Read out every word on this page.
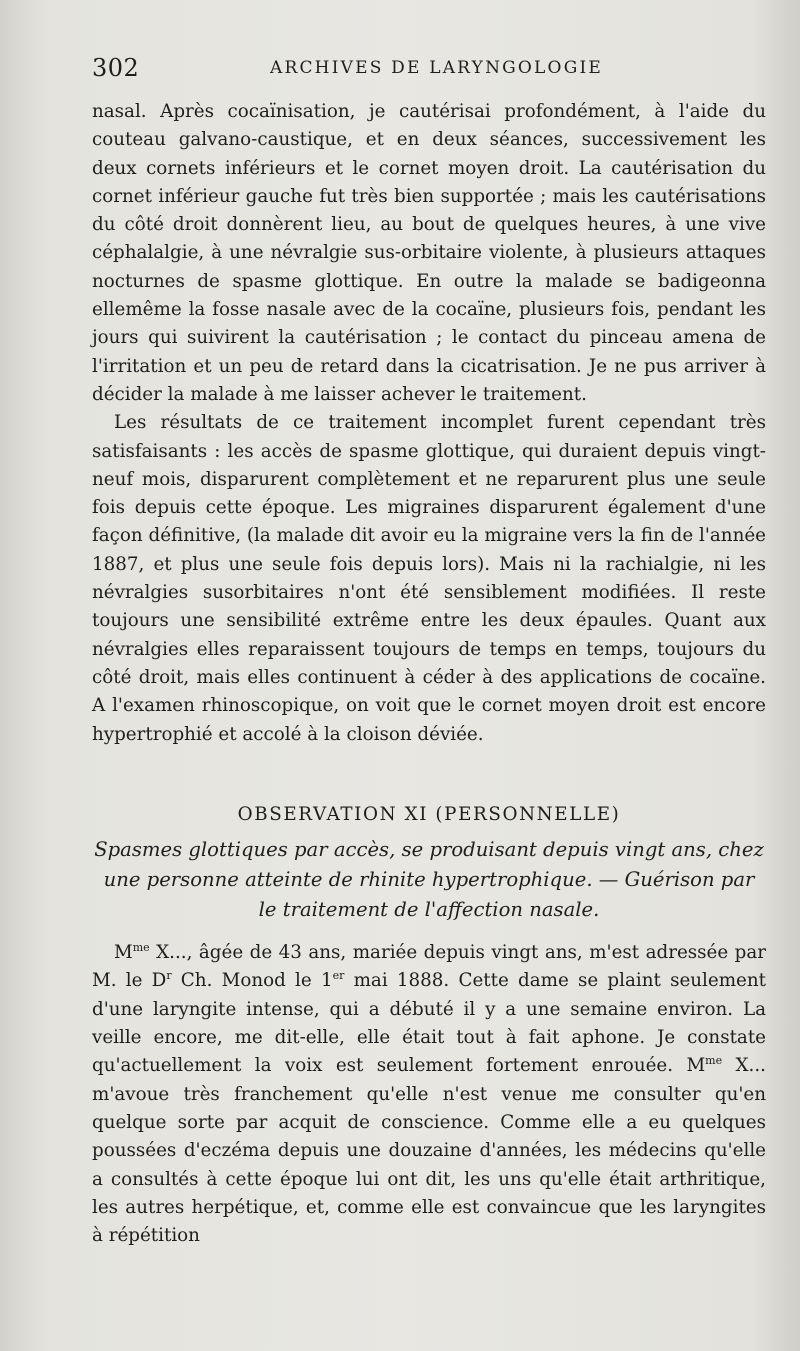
302	ARCHIVES DE LARYNGOLOGIE

nasal. Après cocaïnisation, je cautérisai profondément, à l'aide du couteau galvano-caustique, et en deux séances, successivement les deux cornets inférieurs et le cornet moyen droit. La cautérisation du cornet inférieur gauche fut très bien supportée ; mais les cautérisations du côté droit donnèrent lieu, au bout de quelques heures, à une vive céphalalgie, à une névralgie sus-orbitaire violente, à plusieurs attaques nocturnes de spasme glottique. En outre la malade se badigeonna ellemême la fosse nasale avec de la cocaïne, plusieurs fois, pendant les jours qui suivirent la cautérisation ; le contact du pinceau amena de l'irritation et un peu de retard dans la cicatrisation. Je ne pus arriver à décider la malade à me laisser achever le traitement.

Les résultats de ce traitement incomplet furent cependant très satisfaisants : les accès de spasme glottique, qui duraient depuis vingt-neuf mois, disparurent complètement et ne reparurent plus une seule fois depuis cette époque. Les migraines disparurent également d'une façon définitive, (la malade dit avoir eu la migraine vers la fin de l'année 1887, et plus une seule fois depuis lors). Mais ni la rachialgie, ni les névralgies susorbitaires n'ont été sensiblement modifiées. Il reste toujours une sensibilité extrême entre les deux épaules. Quant aux névralgies elles reparaissent toujours de temps en temps, toujours du côté droit, mais elles continuent à céder à des applications de cocaïne. A l'examen rhinoscopique, on voit que le cornet moyen droit est encore hypertrophié et accolé à la cloison déviée.

OBSERVATION XI (PERSONNELLE)

Spasmes glottiques par accès, se produisant depuis vingt ans, chez une personne atteinte de rhinite hypertrophique. — Guérison par le traitement de l'affection nasale.

$M^{me}$ X..., âgée de 43 ans, mariée depuis vingt ans, m'est adressée par M. le $D^r$ Ch. Monod le 1er mai 1888. Cette dame se plaint seulement d'une laryngite intense, qui a débuté il y a une semaine environ. La veille encore, me dit-elle, elle était tout à fait aphone. Je constate qu'actuellement la voix est seulement fortement enrouée. $M^{me}$ X... m'avoue très franchement qu'elle n'est venue me consulter qu'en quelque sorte par acquit de conscience. Comme elle a eu quelques poussées d'eczéma depuis une douzaine d'années, les médecins qu'elle a consultés à cette époque lui ont dit, les uns qu'elle était arthritique, les autres herpétique, et, comme elle est convaincue que les laryngites à répétition
